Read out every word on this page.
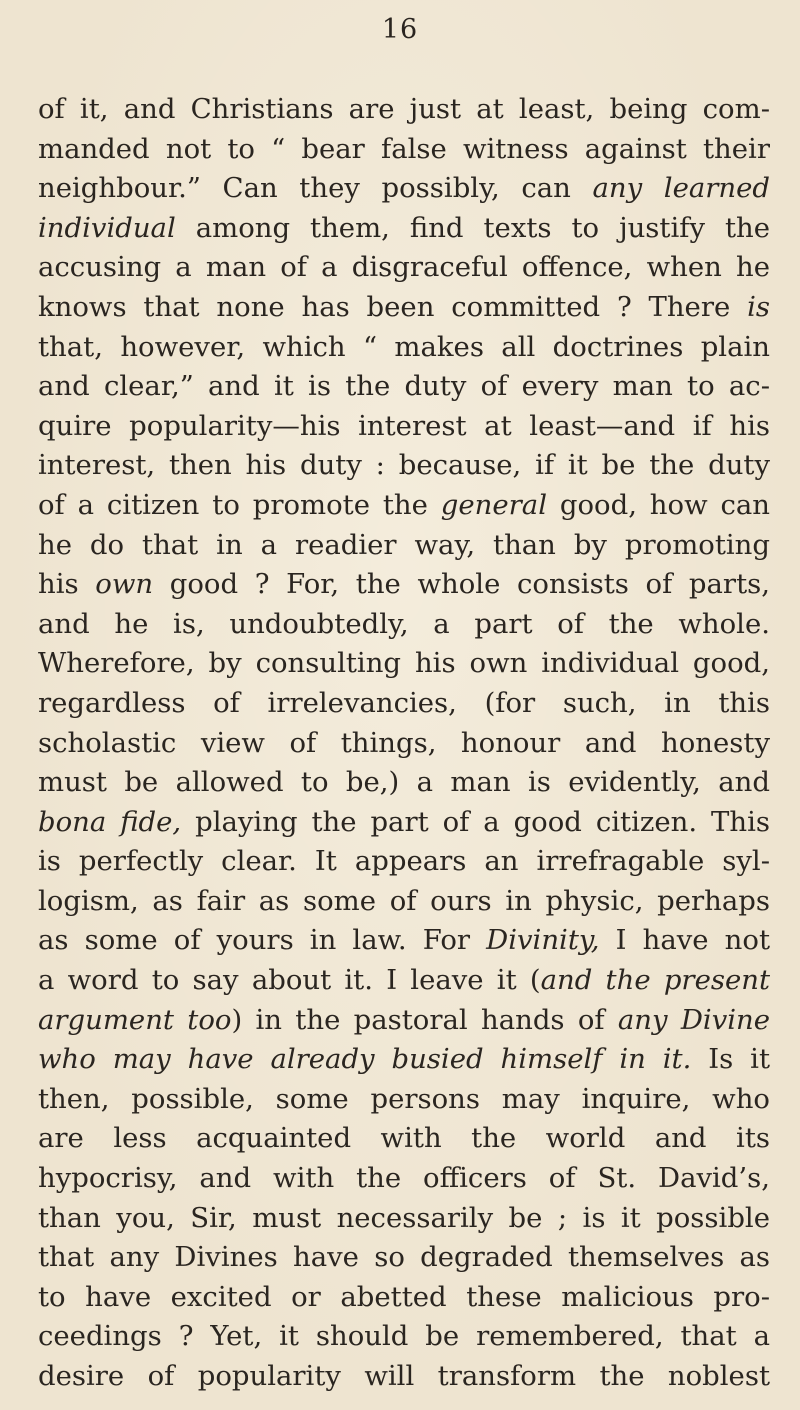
16
of it, and Christians are just at least, being com-
manded not to “ bear false witness against their
neighbour.” Can they possibly, can any learned
individual among them, find texts to justify the
accusing a man of a disgraceful offence, when he
knows that none has been committed ? There is
that, however, which “ makes all doctrines plain
and clear,” and it is the duty of every man to ac-
quire popularity—his interest at least—and if his
interest, then his duty : because, if it be the duty
of a citizen to promote the general good, how can
he do that in a readier way, than by promoting
his own good ? For, the whole consists of parts,
and he is, undoubtedly, a part of the whole.
Wherefore, by consulting his own individual good,
regardless of irrelevancies, (for such, in this
scholastic view of things, honour and honesty
must be allowed to be,) a man is evidently, and
bona fide, playing the part of a good citizen. This
is perfectly clear. It appears an irrefragable syl-
logism, as fair as some of ours in physic, perhaps
as some of yours in law. For Divinity, I have not
a word to say about it. I leave it (and the present
argument too) in the pastoral hands of any Divine
who may have already busied himself in it. Is it
then, possible, some persons may inquire, who
are less acquainted with the world and its
hypocrisy, and with the officers of St. David’s,
than you, Sir, must necessarily be ; is it possible
that any Divines have so degraded themselves as
to have excited or abetted these malicious pro-
ceedings ? Yet, it should be remembered, that a
desire of popularity will transform the noblest
